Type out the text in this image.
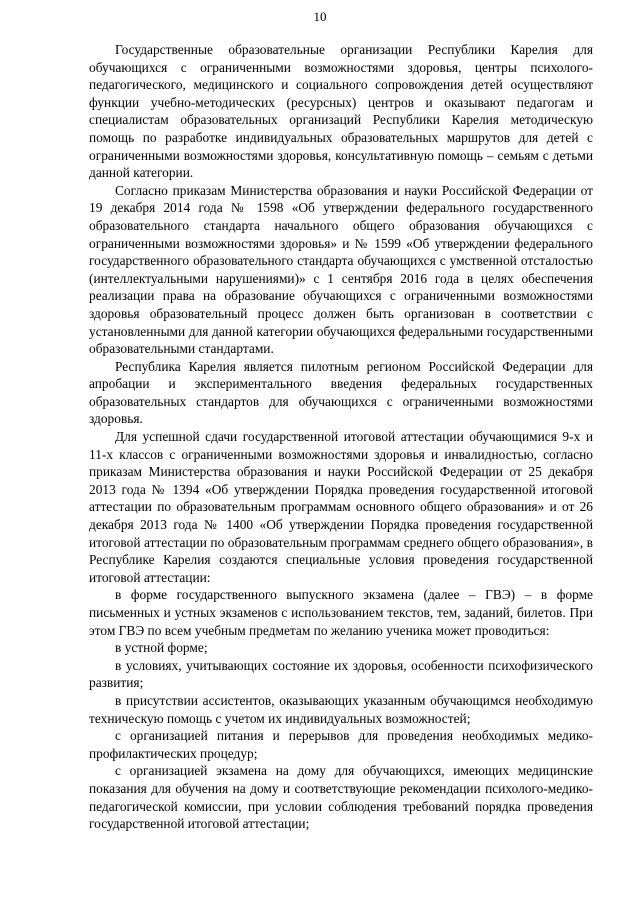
10

Государственные образовательные организации Республики Карелия для обучающихся с ограниченными возможностями здоровья, центры психолого-педагогического, медицинского и социального сопровождения детей осуществляют функции учебно-методических (ресурсных) центров и оказывают педагогам и специалистам образовательных организаций Республики Карелия методическую помощь по разработке индивидуальных образовательных маршрутов для детей с ограниченными возможностями здоровья, консультативную помощь – семьям с детьми данной категории.

Согласно приказам Министерства образования и науки Российской Федерации от 19 декабря 2014 года № 1598 «Об утверждении федерального государственного образовательного стандарта начального общего образования обучающихся с ограниченными возможностями здоровья» и № 1599 «Об утверждении федерального государственного образовательного стандарта обучающихся с умственной отсталостью (интеллектуальными нарушениями)» с 1 сентября 2016 года в целях обеспечения реализации права на образование обучающихся с ограниченными возможностями здоровья образовательный процесс должен быть организован в соответствии с установленными для данной категории обучающихся федеральными государственными образовательными стандартами.

Республика Карелия является пилотным регионом Российской Федерации для апробации и экспериментального введения федеральных государственных образовательных стандартов для обучающихся с ограниченными возможностями здоровья.

Для успешной сдачи государственной итоговой аттестации обучающимися 9-х и 11-х классов с ограниченными возможностями здоровья и инвалидностью, согласно приказам Министерства образования и науки Российской Федерации от 25 декабря 2013 года № 1394 «Об утверждении Порядка проведения государственной итоговой аттестации по образовательным программам основного общего образования» и от 26 декабря 2013 года № 1400 «Об утверждении Порядка проведения государственной итоговой аттестации по образовательным программам среднего общего образования», в Республике Карелия создаются специальные условия проведения государственной итоговой аттестации:

в форме государственного выпускного экзамена (далее – ГВЭ) – в форме письменных и устных экзаменов с использованием текстов, тем, заданий, билетов. При этом ГВЭ по всем учебным предметам по желанию ученика может проводиться:

в устной форме;

в условиях, учитывающих состояние их здоровья, особенности психофизического развития;

в присутствии ассистентов, оказывающих указанным обучающимся необходимую техническую помощь с учетом их индивидуальных возможностей;

с организацией питания и перерывов для проведения необходимых медико-профилактических процедур;

с организацией экзамена на дому для обучающихся, имеющих медицинские показания для обучения на дому и соответствующие рекомендации психолого-медико-педагогической комиссии, при условии соблюдения требований порядка проведения государственной итоговой аттестации;
